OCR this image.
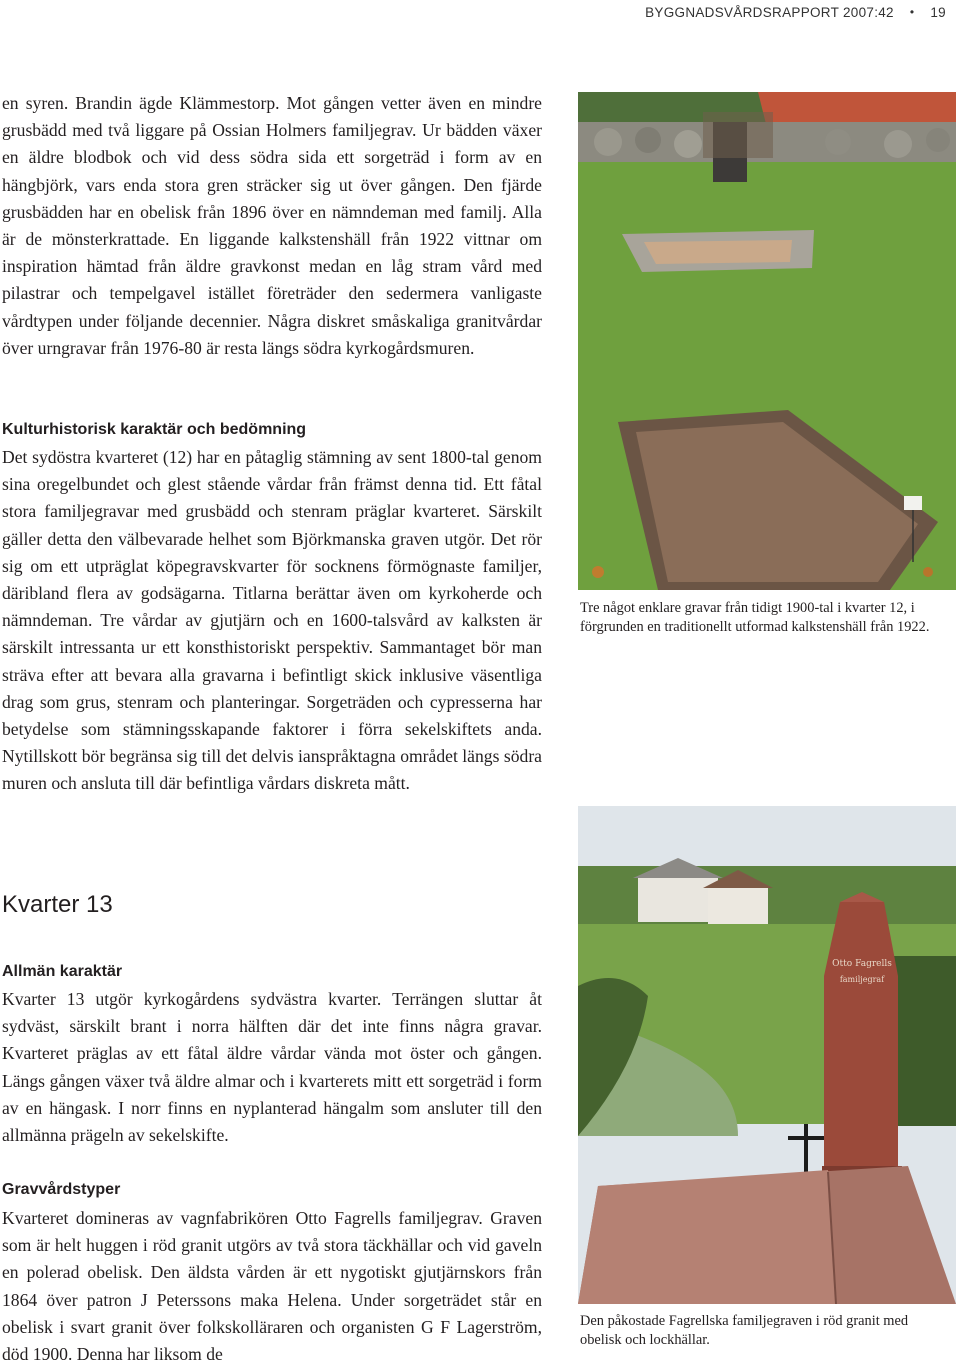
BYGGNADSVÅRDSRAPPORT 2007:42 • 19

en syren. Brandin ägde Klämmestorp. Mot gången vetter även en mindre grusbädd med två liggare på Ossian Holmers familjegrav. Ur bädden växer en äldre blodbok och vid dess södra sida ett sorgeträd i form av en hängbjörk, vars enda stora gren sträcker sig ut över gången. Den fjärde grusbädden har en obelisk från 1896 över en nämndeman med familj. Alla är de mönsterkrattade. En liggande kalkstenshäll från 1922 vittnar om inspiration hämtad från äldre gravkonst medan en låg stram vård med pilastrar och tempelgavel istället företräder den sedermera vanligaste vårdtypen under följande decennier. Några diskret småskaliga granitvårdar över urngravar från 1976-80 är resta längs södra kyrkogårdsmuren.

Kulturhistorisk karaktär och bedömning

Det sydöstra kvarteret (12) har en påtaglig stämning av sent 1800-tal genom sina oregelbundet och glest stående vårdar från främst denna tid. Ett fåtal stora familjegravar med grusbädd och stenram präglar kvarteret. Särskilt gäller detta den välbevarade helhet som Björkmanska graven utgör. Det rör sig om ett utpräglat köpegravskvarter för socknens förmögnaste familjer, däribland flera av godsägarna. Titlarna berättar även om kyrkoherde och nämndeman. Tre vårdar av gjutjärn och en 1600-talsvård av kalksten är särskilt intressanta ur ett konsthistoriskt perspektiv. Sammantaget bör man sträva efter att bevara alla gravarna i befintligt skick inklusive väsentliga drag som grus, stenram och planteringar. Sorgeträden och cypresserna har betydelse som stämningsskapande faktorer i förra sekelskiftets anda. Nytillskott bör begränsa sig till det delvis ianspråktagna området längs södra muren och ansluta till där befintliga vårdars diskreta mått.

Kvarter 13
Allmän karaktär

Kvarter 13 utgör kyrkogårdens sydvästra kvarter. Terrängen sluttar åt sydväst, särskilt brant i norra hälften där det inte finns några gravar. Kvarteret präglas av ett fåtal äldre vårdar vända mot öster och gången. Längs gången växer två äldre almar och i kvarterets mitt ett sorgeträd i form av en hängask. I norr finns en nyplanterad hängalm som ansluter till den allmänna prägeln av sekelskifte.

Gravvårdstyper

Kvarteret domineras av vagnfabrikören Otto Fagrells familjegrav. Graven som är helt huggen i röd granit utgörs av två stora täckhällar och vid gaveln en polerad obelisk. Den äldsta vården är ett nygotiskt gjutjärnskors från 1864 över patron J Peterssons maka Helena. Under sorgeträdet står en obelisk i svart granit över folkskolläraren och organisten G F Lagerström, död 1900. Denna har liksom de

Tre något enklare gravar från tidigt 1900-tal i kvarter 12, i förgrunden en traditionellt utformad kalkstenshäll från 1922.

Otto Fagrells
familjegraf

Den påkostade Fagrellska familjegraven i röd granit med obelisk och lockhällar.
